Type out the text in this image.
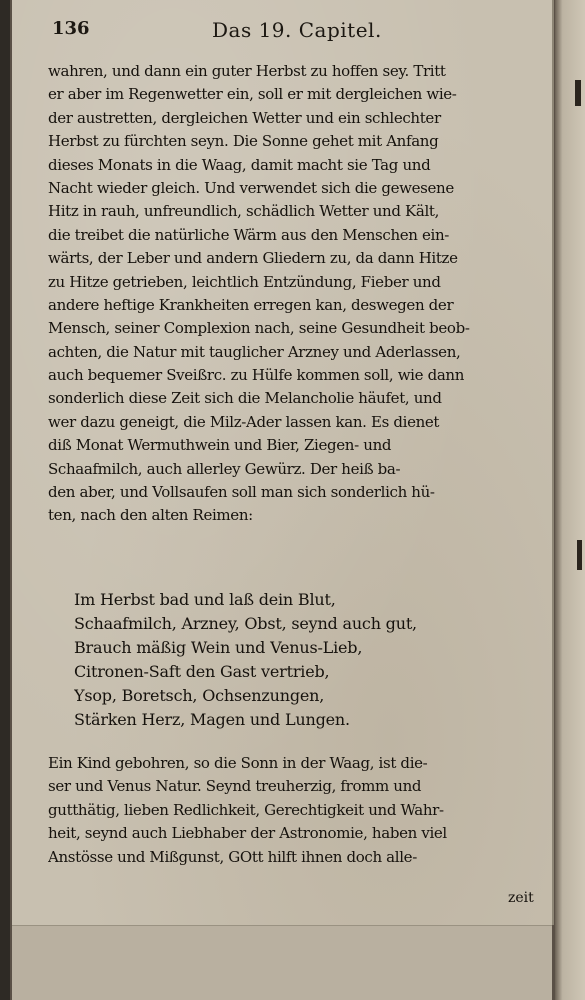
136	Das 19. Capitel.
wahren, und dann ein guter Herbst zu hoffen sey. Tritt
er aber im Regenwetter ein, soll er mit dergleichen wie-
der austretten, dergleichen Wetter und ein schlechter
Herbst zu fürchten seyn. Die Sonne gehet mit Anfang
dieses Monats in die Waag, damit macht sie Tag und
Nacht wieder gleich. Und verwendet sich die gewesene
Hitz in rauh, unfreundlich, schädlich Wetter und Kält,
die treibet die natürliche Wärm aus den Menschen ein-
wärts, der Leber und andern Gliedern zu, da dann Hitze
zu Hitze getrieben, leichtlich Entzündung, Fieber und
andere heftige Krankheiten erregen kan, deswegen der
Mensch, seiner Complexion nach, seine Gesundheit beob-
achten, die Natur mit tauglicher Arzney und Aderlassen,
auch bequemer Sveißrc. zu Hülfe kommen soll, wie dann
sonderlich diese Zeit sich die Melancholie häufet, und
wer dazu geneigt, die Milz-Ader lassen kan. Es dienet
diß Monat Wermuthwein und Bier, Ziegen- und
Schaafmilch, auch allerley Gewürz. Der heiß ba-
den aber, und Vollsaufen soll man sich sonderlich hü-
ten, nach den alten Reimen:
Im Herbst bad und laß dein Blut,
Schaafmilch, Arzney, Obst, seynd auch gut,
Brauch mäßig Wein und Venus-Lieb,
Citronen-Saft den Gast vertrieb,
Ysop, Boretsch, Ochsenzungen,
Stärken Herz, Magen und Lungen.
Ein Kind gebohren, so die Sonn in der Waag, ist die-
ser und Venus Natur. Seynd treuherzig, fromm und
gutthätig, lieben Redlichkeit, Gerechtigkeit und Wahr-
heit, seynd auch Liebhaber der Astronomie, haben viel
Anstösse und Mißgunst, GOtt hilft ihnen doch alle-
zeit
